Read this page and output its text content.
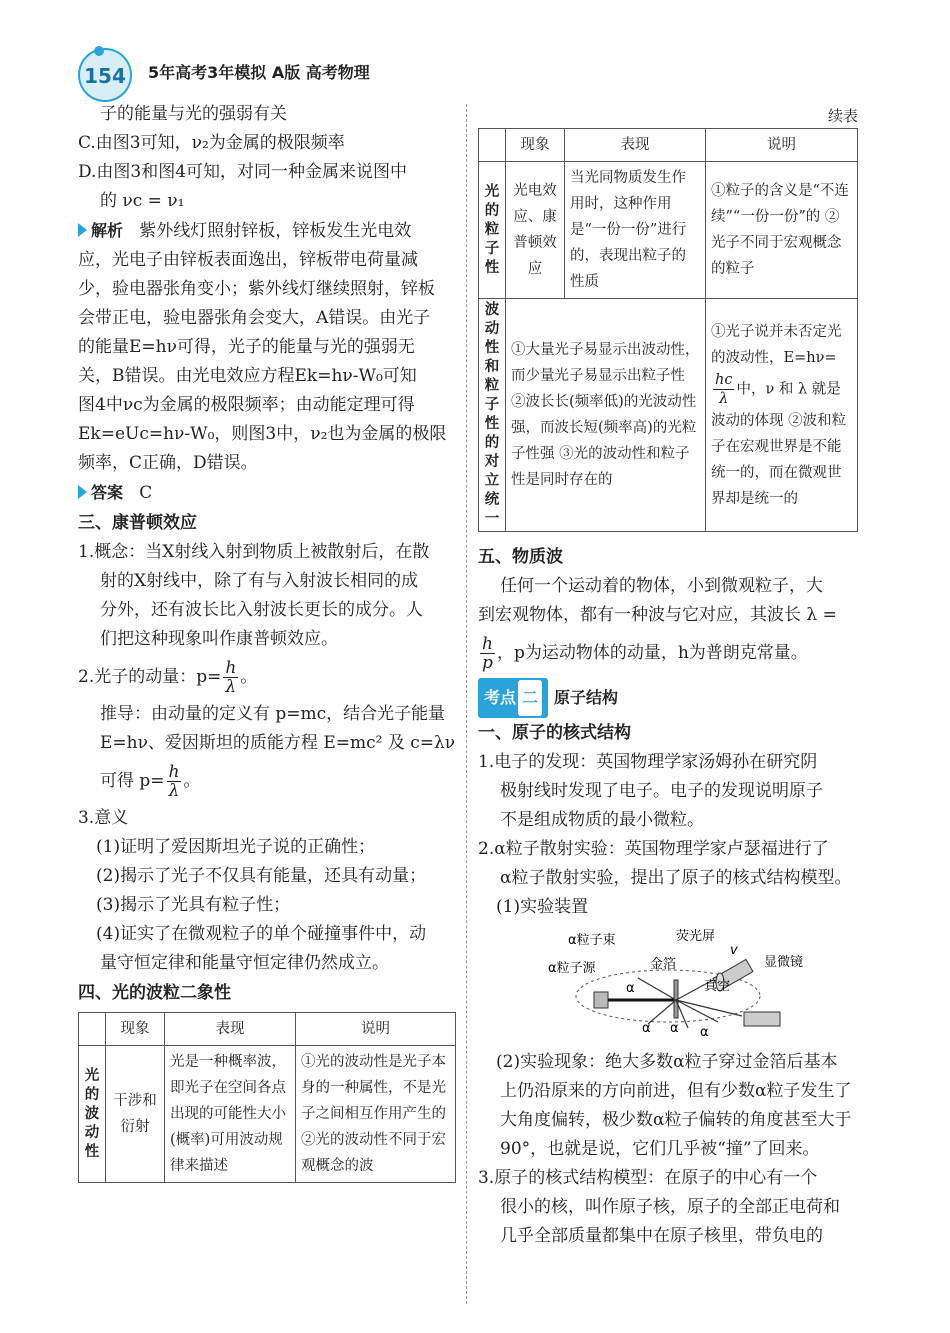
154 5年高考3年模拟 A版 高考物理

子的能量与光的强弱有关

C.由图3可知，ν₂为金属的极限频率

D.由图3和图4可知，对同一种金属来说图中

的 νc = ν₁

解析 紫外线灯照射锌板，锌板发生光电效

应，光电子由锌板表面逸出，锌板带电荷量减

少，验电器张角变小；紫外线灯继续照射，锌板

会带正电，验电器张角会变大，A错误。由光子

的能量E=hν可得，光子的能量与光的强弱无

关，B错误。由光电效应方程Ek=hν-W₀可知

图4中νc为金属的极限频率；由动能定理可得

Ek=eUc=hν-W₀，则图3中，ν₂也为金属的极限

频率，C正确，D错误。

答案 C

三、康普顿效应

1.概念：当X射线入射到物质上被散射后，在散

射的X射线中，除了有与入射波长相同的成

分外，还有波长比入射波长更长的成分。人

们把这种现象叫作康普顿效应。

2.光子的动量：$p= \frac{h}{\lambda}$ 。

推导：由动量的定义有 p=mc，结合光子能量

E=hν、爱因斯坦的质能方程 E=mc² 及 c=λν

可得 $p= \frac{h}{\lambda}$ 。

3.意义

(1)证明了爱因斯坦光子说的正确性；

(2)揭示了光子不仅具有能量，还具有动量；

(3)揭示了光具有粒子性；

(4)证实了在微观粒子的单个碰撞事件中，动

量守恒定律和能量守恒定律仍然成立。

四、光的波粒二象性

	现象	表现	说明
光的波动性	干涉和衍射	光是一种概率波，即光子在空间各点出现的可能性大小(概率)可用波动规律来描述	①光的波动性是光子本身的一种属性，不是光子之间相互作用产生的 ②光的波动性不同于宏观概念的波

续表

	现象	表现	说明
光的粒子性	光电效应、康普顿效应	当光同物质发生作用时，这种作用是“一份一份”进行的，表现出粒子的性质	①粒子的含义是“不连续”“一份一份”的 ②光子不同于宏观概念的粒子
波动性和粒子性的对立统一	①大量光子易显示出波动性，而少量光子易显示出粒子性 ②波长长(频率低)的光波动性强，而波长短(频率高)的光粒子性强 ③光的波动性和粒子性是同时存在的		①光子说并未否定光的波动性，E=hν=
$\frac{hc}{\lambda}$ 中，ν 和 λ 就是波动的体现 ②波和粒子在宏观世界是不能统一的，而在微观世界却是统一的

五、物质波

任何一个运动着的物体，小到微观粒子，大

到宏观物体，都有一种波与它对应，其波长 λ =

$\frac{h}{p}$ ，p为运动物体的动量，h为普朗克常量。

考点 二 原子结构

一、原子的核式结构

1.电子的发现：英国物理学家汤姆孙在研究阴

极射线时发现了电子。电子的发现说明原子

不是组成物质的最小微粒。

2.α粒子散射实验：英国物理学家卢瑟福进行了

α粒子散射实验，提出了原子的核式结构模型。

(1)实验装置

α粒子束	荧光屏
α粒子源	金箔
真空
显微镜
v
α
α α α

(2)实验现象：绝大多数α粒子穿过金箔后基本

上仍沿原来的方向前进，但有少数α粒子发生了

大角度偏转，极少数α粒子偏转的角度甚至大于

90°，也就是说，它们几乎被“撞”了回来。

3.原子的核式结构模型：在原子的中心有一个

很小的核，叫作原子核，原子的全部正电荷和

几乎全部质量都集中在原子核里，带负电的
